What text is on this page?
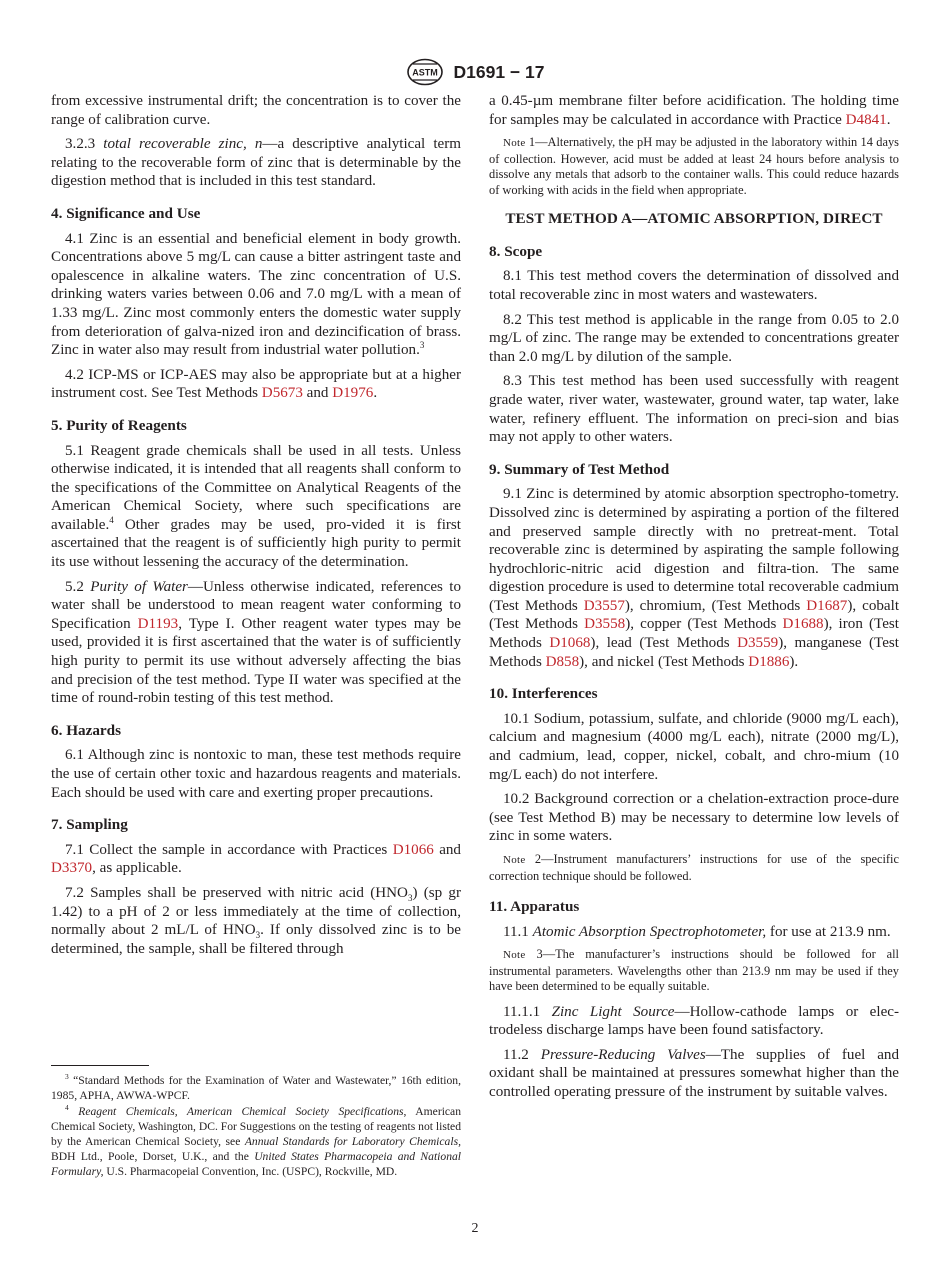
ASTM D1691 − 17

from excessive instrumental drift; the concentration is to cover the range of calibration curve.

3.2.3 total recoverable zinc, n—a descriptive analytical term relating to the recoverable form of zinc that is determinable by the digestion method that is included in this test standard.

4. Significance and Use

4.1 Zinc is an essential and beneficial element in body growth. Concentrations above 5 mg/L can cause a bitter astringent taste and opalescence in alkaline waters. The zinc concentration of U.S. drinking waters varies between 0.06 and 7.0 mg/L with a mean of 1.33 mg/L. Zinc most commonly enters the domestic water supply from deterioration of galva-nized iron and dezincification of brass. Zinc in water also may result from industrial water pollution.$^3$

4.2 ICP-MS or ICP-AES may also be appropriate but at a higher instrument cost. See Test Methods D5673 and D1976.

5. Purity of Reagents

5.1 Reagent grade chemicals shall be used in all tests. Unless otherwise indicated, it is intended that all reagents shall conform to the specifications of the Committee on Analytical Reagents of the American Chemical Society, where such specifications are available.$^4$ Other grades may be used, pro-vided it is first ascertained that the reagent is of sufficiently high purity to permit its use without lessening the accuracy of the determination.

5.2 Purity of Water—Unless otherwise indicated, references to water shall be understood to mean reagent water conforming to Specification D1193, Type I. Other reagent water types may be used, provided it is first ascertained that the water is of sufficiently high purity to permit its use without adversely affecting the bias and precision of the test method. Type II water was specified at the time of round-robin testing of this test method.

6. Hazards

6.1 Although zinc is nontoxic to man, these test methods require the use of certain other toxic and hazardous reagents and materials. Each should be used with care and exerting proper precautions.

7. Sampling

7.1 Collect the sample in accordance with Practices D1066 and D3370, as applicable.

7.2 Samples shall be preserved with nitric acid $(HNO_3)$ (sp gr 1.42) to a pH of 2 or less immediately at the time of collection, normally about 2 mL/L of $HNO_3$. If only dissolved zinc is to be determined, the sample, shall be filtered through

$^3$ “Standard Methods for the Examination of Water and Wastewater,” 16th edition, 1985, APHA, AWWA-WPCF.

$^4$ Reagent Chemicals, American Chemical Society Specifications, American Chemical Society, Washington, DC. For Suggestions on the testing of reagents not listed by the American Chemical Society, see Annual Standards for Laboratory Chemicals, BDH Ltd., Poole, Dorset, U.K., and the United States Pharmacopeia and National Formulary, U.S. Pharmacopeial Convention, Inc. (USPC), Rockville, MD.

a 0.45-µm membrane filter before acidification. The holding time for samples may be calculated in accordance with Practice D4841.

Note 1—Alternatively, the pH may be adjusted in the laboratory within 14 days of collection. However, acid must be added at least 24 hours before analysis to dissolve any metals that adsorb to the container walls. This could reduce hazards of working with acids in the field when appropriate.

TEST METHOD A—ATOMIC ABSORPTION, DIRECT
8. Scope

8.1 This test method covers the determination of dissolved and total recoverable zinc in most waters and wastewaters.

8.2 This test method is applicable in the range from 0.05 to 2.0 mg/L of zinc. The range may be extended to concentrations greater than 2.0 mg/L by dilution of the sample.

8.3 This test method has been used successfully with reagent grade water, river water, wastewater, ground water, tap water, lake water, refinery effluent. The information on preci-sion and bias may not apply to other waters.

9. Summary of Test Method

9.1 Zinc is determined by atomic absorption spectropho-tometry. Dissolved zinc is determined by aspirating a portion of the filtered and preserved sample directly with no pretreat-ment. Total recoverable zinc is determined by aspirating the sample following hydrochloric-nitric acid digestion and filtra-tion. The same digestion procedure is used to determine total recoverable cadmium (Test Methods D3557), chromium, (Test Methods D1687), cobalt (Test Methods D3558), copper (Test Methods D1688), iron (Test Methods D1068), lead (Test Methods D3559), manganese (Test Methods D858), and nickel (Test Methods D1886).

10. Interferences

10.1 Sodium, potassium, sulfate, and chloride (9000 mg/L each), calcium and magnesium (4000 mg/L each), nitrate (2000 mg/L), and cadmium, lead, copper, nickel, cobalt, and chro-mium (10 mg/L each) do not interfere.

10.2 Background correction or a chelation-extraction proce-dure (see Test Method B) may be necessary to determine low levels of zinc in some waters.

Note 2—Instrument manufacturers’ instructions for use of the specific correction technique should be followed.

11. Apparatus

11.1 Atomic Absorption Spectrophotometer, for use at 213.9 nm.

Note 3—The manufacturer’s instructions should be followed for all instrumental parameters. Wavelengths other than 213.9 nm may be used if they have been determined to be equally suitable.

11.1.1 Zinc Light Source—Hollow-cathode lamps or elec-trodeless discharge lamps have been found satisfactory.

11.2 Pressure-Reducing Valves—The supplies of fuel and oxidant shall be maintained at pressures somewhat higher than the controlled operating pressure of the instrument by suitable valves.

2
